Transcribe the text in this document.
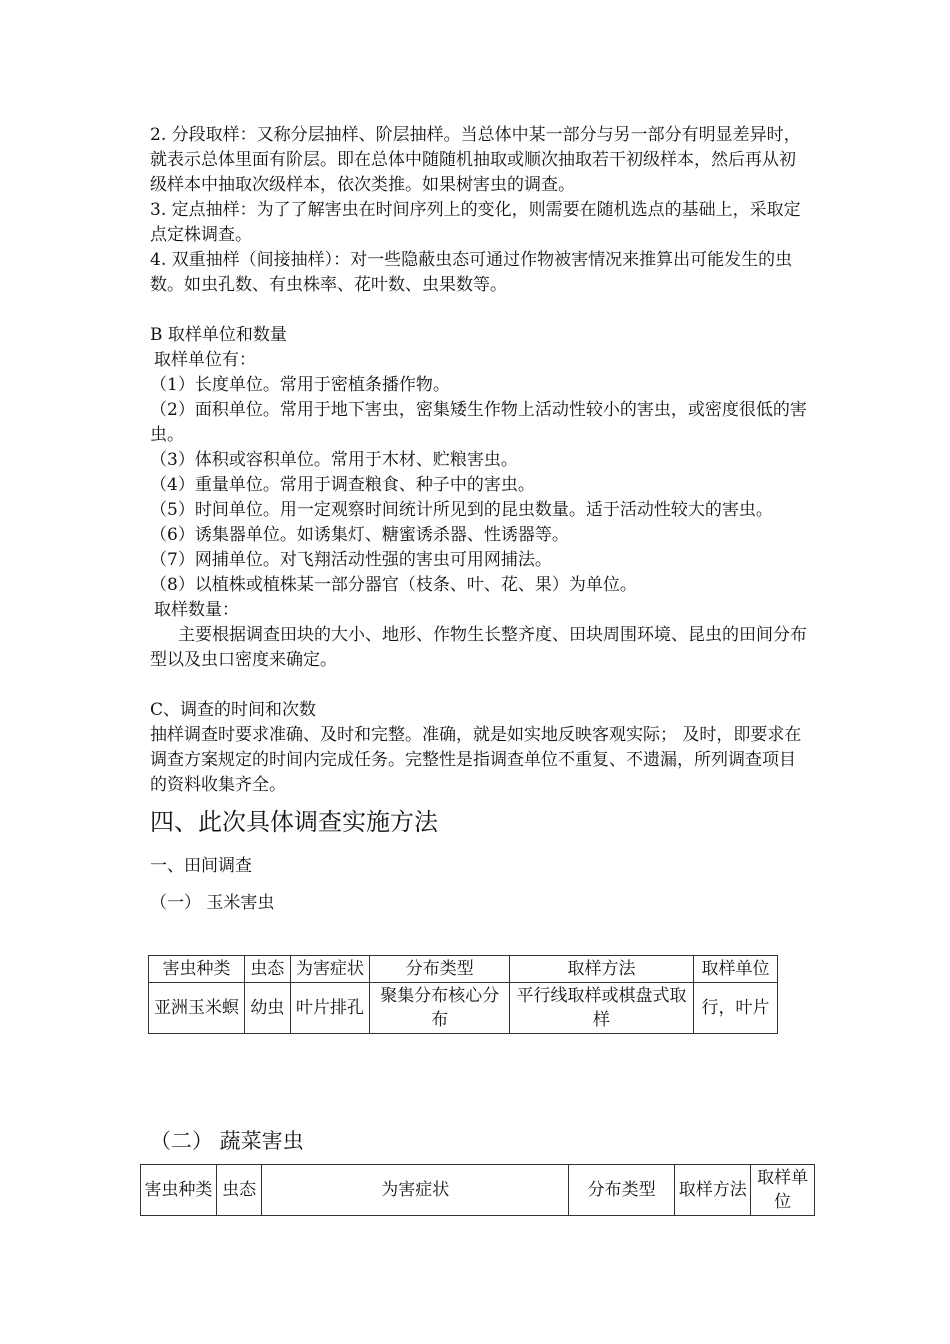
2. 分段取样：又称分层抽样、阶层抽样。当总体中某一部分与另一部分有明显差异时，就表示总体里面有阶层。即在总体中随随机抽取或顺次抽取若干初级样本，然后再从初级样本中抽取次级样本，依次类推。如果树害虫的调查。

3. 定点抽样：为了了解害虫在时间序列上的变化，则需要在随机选点的基础上，采取定点定株调查。

4. 双重抽样（间接抽样）：对一些隐蔽虫态可通过作物被害情况来推算出可能发生的虫数。如虫孔数、有虫株率、花叶数、虫果数等。

B 取样单位和数量

取样单位有：

（1）长度单位。常用于密植条播作物。

（2）面积单位。常用于地下害虫，密集矮生作物上活动性较小的害虫，或密度很低的害虫。

（3）体积或容积单位。常用于木材、贮粮害虫。

（4）重量单位。常用于调查粮食、种子中的害虫。

（5）时间单位。用一定观察时间统计所见到的昆虫数量。适于活动性较大的害虫。

（6）诱集器单位。如诱集灯、糖蜜诱杀器、性诱器等。

（7）网捕单位。对飞翔活动性强的害虫可用网捕法。

（8）以植株或植株某一部分器官（枝条、叶、花、果）为单位。

取样数量：

主要根据调查田块的大小、地形、作物生长整齐度、田块周围环境、昆虫的田间分布型以及虫口密度来确定。

C、调查的时间和次数

抽样调查时要求准确、及时和完整。准确，就是如实地反映客观实际； 及时，即要求在调查方案规定的时间内完成任务。完整性是指调查单位不重复、不遗漏，所列调查项目的资料收集齐全。

四、此次具体调查实施方法

一、田间调查

（一） 玉米害虫

害虫种类	虫态	为害症状	分布类型	取样方法	取样单位
亚洲玉米螟	幼虫	叶片排孔	聚集分布核心分布	平行线取样或棋盘式取样	行，叶片
（二） 蔬菜害虫
害虫种类	虫态	为害症状	分布类型	取样方法	取样单位
